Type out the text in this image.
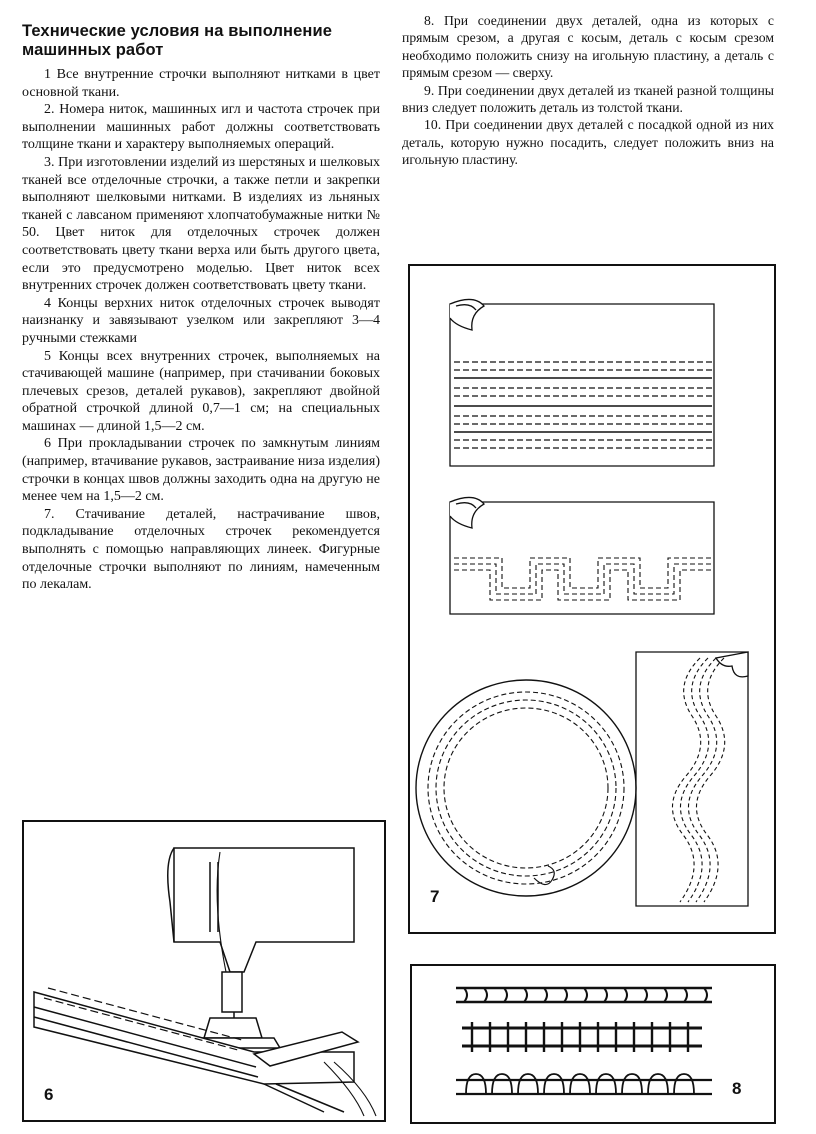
Технические условия на выполнение машинных работ

1 Все внутренние строчки выполняют нитками в цвет основной ткани.

2. Номера ниток, машинных игл и частота строчек при выполнении машинных работ должны соответствовать толщине ткани и характеру выполняемых операций.

3. При изготовлении изделий из шерстяных и шелковых тканей все отделочные строчки, а также петли и закрепки выполняют шелковыми нитками. В изделиях из льняных тканей с лавсаном применяют хлопчатобумажные нитки № 50. Цвет ниток для отделочных строчек должен соответствовать цвету ткани верха или быть другого цвета, если это предусмотрено моделью. Цвет ниток всех внутренних строчек должен соответствовать цвету ткани.

4 Концы верхних ниток отделочных строчек выводят наизнанку и завязывают узелком или закрепляют 3—4 ручными стежками

5 Концы всех внутренних строчек, выполняемых на стачивающей машине (например, при стачивании боковых плечевых срезов, деталей рукавов), закрепляют двойной обратной строчкой длиной 0,7—1 см; на специальных машинах — длиной 1,5—2 см.

6 При прокладывании строчек по замкнутым линиям (например, втачивание рукавов, застраивание низа изделия) строчки в концах швов должны заходить одна на другую не менее чем на 1,5—2 см.

7. Стачивание деталей, настрачивание швов, подкладывание отделочных строчек рекомендуется выполнять с помощью направляющих линеек. Фигурные отделочные строчки выполняют по линиям, намеченным по лекалам.

8. При соединении двух деталей, одна из которых с прямым срезом, а другая с косым, деталь с косым срезом необходимо положить снизу на игольную пластину, а деталь с прямым срезом — сверху.

9. При соединении двух деталей из тканей разной толщины вниз следует положить деталь из толстой ткани.

10. При соединении двух деталей с посадкой одной из них деталь, которую нужно посадить, следует положить вниз на игольную пластину.

7
6	8
